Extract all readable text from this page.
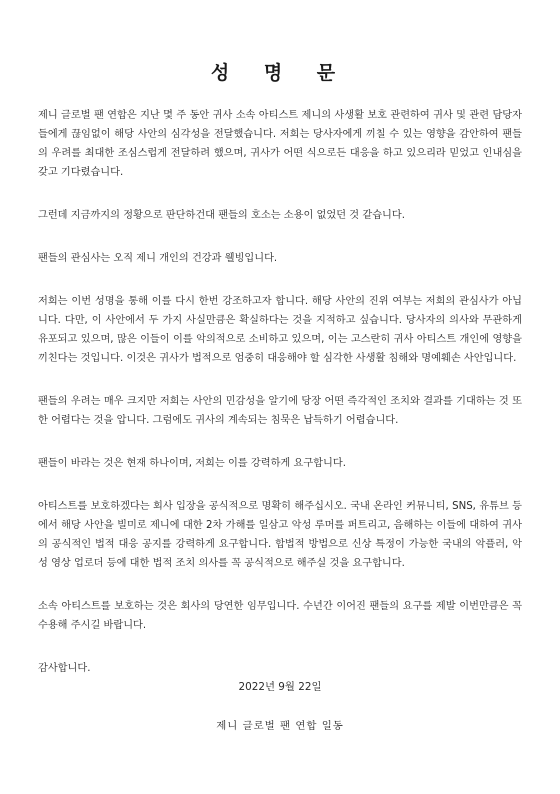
성 명 문

제니 글로벌 팬 연합은 지난 몇 주 동안 귀사 소속 아티스트 제니의 사생활 보호 관련하여 귀사 및 관련 담당자들에게 끊임없이 해당 사안의 심각성을 전달했습니다. 저희는 당사자에게 끼칠 수 있는 영향을 감안하여 팬들의 우려를 최대한 조심스럽게 전달하려 했으며, 귀사가 어떤 식으로든 대응을 하고 있으리라 믿었고 인내심을 갖고 기다렸습니다.

그런데 지금까지의 정황으로 판단하건대 팬들의 호소는 소용이 없었던 것 같습니다.

팬들의 관심사는 오직 제니 개인의 건강과 웰빙입니다.

저희는 이번 성명을 통해 이를 다시 한번 강조하고자 합니다. 해당 사안의 진위 여부는 저희의 관심사가 아닙니다. 다만, 이 사안에서 두 가지 사실만큼은 확실하다는 것을 지적하고 싶습니다. 당사자의 의사와 무관하게 유포되고 있으며, 많은 이들이 이를 악의적으로 소비하고 있으며, 이는 고스란히 귀사 아티스트 개인에 영향을 끼친다는 것입니다. 이것은 귀사가 법적으로 엄중히 대응해야 할 심각한 사생활 침해와 명예훼손 사안입니다.

팬들의 우려는 매우 크지만 저희는 사안의 민감성을 알기에 당장 어떤 즉각적인 조치와 결과를 기대하는 것 또한 어렵다는 것을 압니다. 그럼에도 귀사의 계속되는 침묵은 납득하기 어렵습니다.

팬들이 바라는 것은 현재 하나이며, 저희는 이를 강력하게 요구합니다.

아티스트를 보호하겠다는 회사 입장을 공식적으로 명확히 해주십시오. 국내 온라인 커뮤니티, SNS, 유튜브 등에서 해당 사안을 빌미로 제니에 대한 2차 가해를 일삼고 악성 루머를 퍼트리고, 음해하는 이들에 대하여 귀사의 공식적인 법적 대응 공지를 강력하게 요구합니다. 합법적 방법으로 신상 특정이 가능한 국내의 악플러, 악성 영상 업로더 등에 대한 법적 조치 의사를 꼭 공식적으로 해주실 것을 요구합니다.

소속 아티스트를 보호하는 것은 회사의 당연한 임무입니다. 수년간 이어진 팬들의 요구를 제발 이번만큼은 꼭 수용해 주시길 바랍니다.

감사합니다.

2022년 9월 22일

제니 글로벌 팬 연합 일동
